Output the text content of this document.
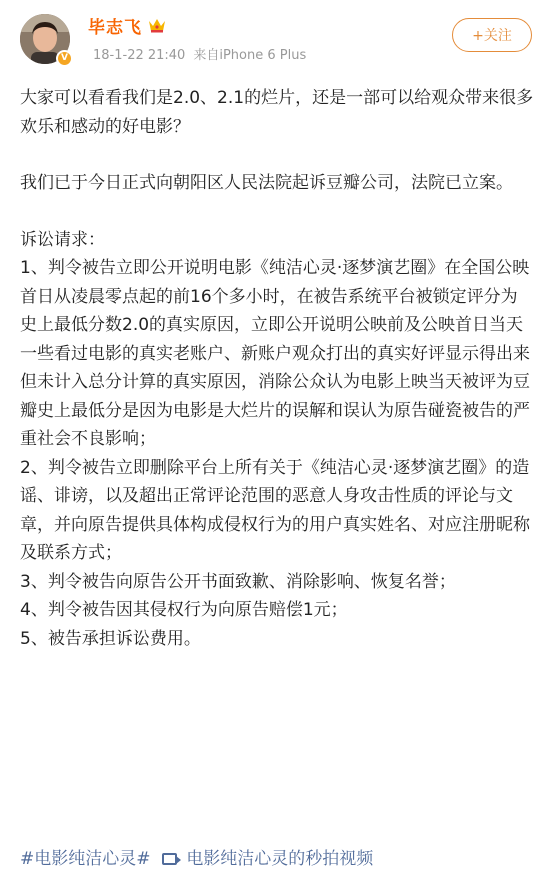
V
毕志飞
18-1-22 21:40 来自iPhone 6 Plus
+关注

大家可以看看我们是2.0、2.1的烂片，还是一部可以给观众带来很多欢乐和感动的好电影？

我们已于今日正式向朝阳区人民法院起诉豆瓣公司，法院已立案。

诉讼请求：

1、判令被告立即公开说明电影《纯洁心灵·逐梦演艺圈》在全国公映首日从凌晨零点起的前16个多小时，在被告系统平台被锁定评分为史上最低分数2.0的真实原因，立即公开说明公映前及公映首日当天一些看过电影的真实老账户、新账户观众打出的真实好评显示得出来但未计入总分计算的真实原因，消除公众认为电影上映当天被评为豆瓣史上最低分是因为电影是大烂片的误解和误认为原告碰瓷被告的严重社会不良影响；

2、判令被告立即删除平台上所有关于《纯洁心灵·逐梦演艺圈》的造谣、诽谤，以及超出正常评论范围的恶意人身攻击性质的评论与文章，并向原告提供具体构成侵权行为的用户真实姓名、对应注册昵称及联系方式；

3、判令被告向原告公开书面致歉、消除影响、恢复名誉；

4、判令被告因其侵权行为向原告赔偿1元；

5、被告承担诉讼费用。

#电影纯洁心灵# 电影纯洁心灵的秒拍视频
